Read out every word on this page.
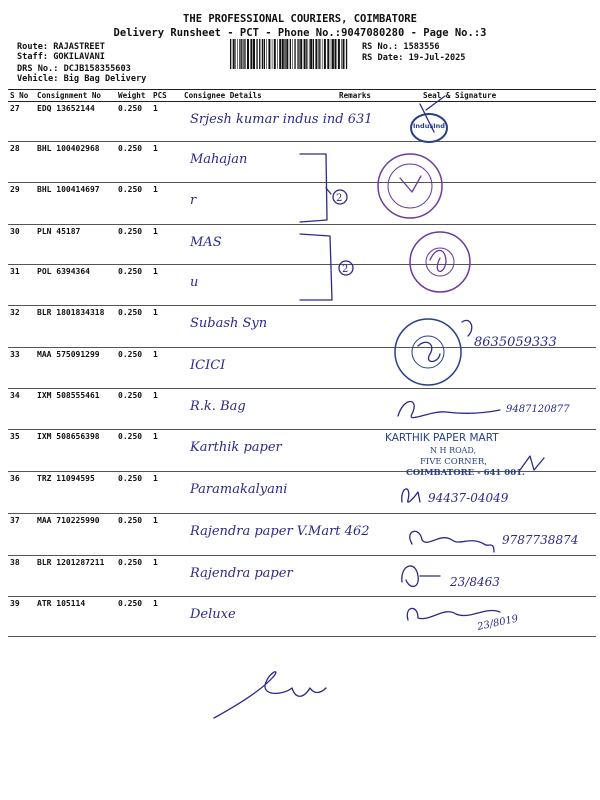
THE PROFESSIONAL COURIERS, COIMBATORE
Delivery Runsheet - PCT - Phone No.:9047080280 - Page No.:3
Route: RAJASTREET
Staff: GOKILAVANI
DRS No.: DCJB158355603
Vehicle: Big Bag Delivery
RS No.: 1583556
RS Date: 19-Jul-2025
S No	Consignment No	Weight	PCS	Consignee Details	Remarks	Seal & Signature
27	EDQ 13652144	0.250	1	Srjesh kumar indus ind 631		
28	BHL 100402968	0.250	1	Mahajan		
29	BHL 100414697	0.250	1	r		
30	PLN 45187	0.250	1	MAS		
31	POL 6394364	0.250	1	u		
32	BLR 1801834318	0.250	1	Subash Syn		
33	MAA 575091299	0.250	1	ICICI		
34	IXM 508555461	0.250	1	R.k. Bag		
35	IXM 508656398	0.250	1	Karthik paper		
36	TRZ 11094595	0.250	1	Paramakalyani		
37	MAA 710225990	0.250	1	Rajendra paper V.Mart 462		
38	BLR 1201287211	0.250	1	Rajendra paper		
39	ATR 105114	0.250	1	Deluxe		
2
2
IndusInd
8635059333
9487120877
KARTHIK PAPER MART
N H ROAD,
FIVE CORNER,
COIMBATORE - 641 001.
94437-04049
9787738874
23/8463
23/8019
